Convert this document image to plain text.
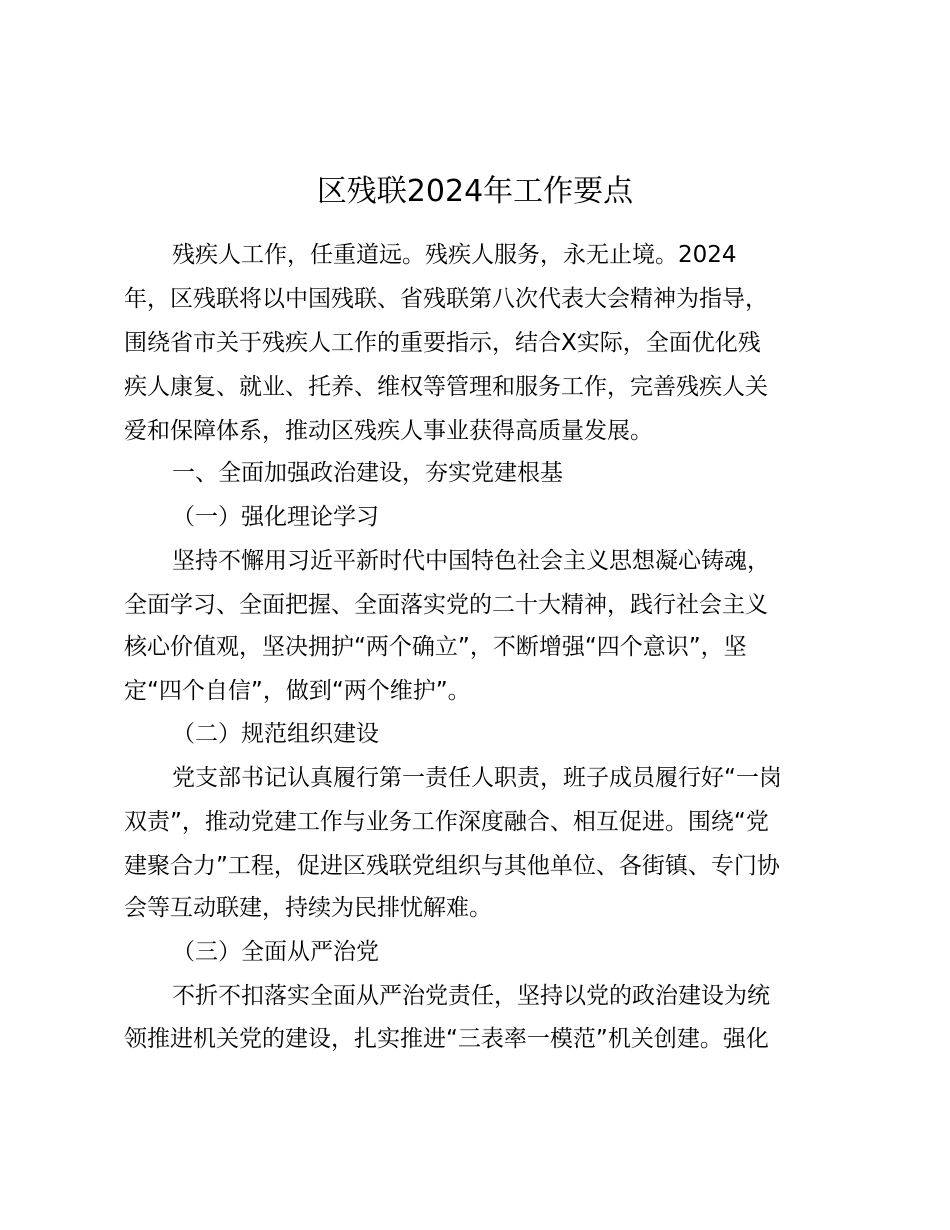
区残联2024年工作要点
残疾人工作，任重道远。残疾人服务，永无止境。2024
年，区残联将以中国残联、省残联第八次代表大会精神为指导，
围绕省市关于残疾人工作的重要指示，结合X实际，全面优化残
疾人康复、就业、托养、维权等管理和服务工作，完善残疾人关
爱和保障体系，推动区残疾人事业获得高质量发展。
一、全面加强政治建设，夯实党建根基
（一）强化理论学习
坚持不懈用习近平新时代中国特色社会主义思想凝心铸魂，
全面学习、全面把握、全面落实党的二十大精神，践行社会主义
核心价值观，坚决拥护“两个确立”，不断增强“四个意识”，坚
定“四个自信”，做到“两个维护”。
（二）规范组织建设
党支部书记认真履行第一责任人职责，班子成员履行好“一岗
双责”，推动党建工作与业务工作深度融合、相互促进。围绕“党
建聚合力”工程，促进区残联党组织与其他单位、各街镇、专门协
会等互动联建，持续为民排忧解难。
（三）全面从严治党
不折不扣落实全面从严治党责任，坚持以党的政治建设为统
领推进机关党的建设，扎实推进“三表率一模范”机关创建。强化
